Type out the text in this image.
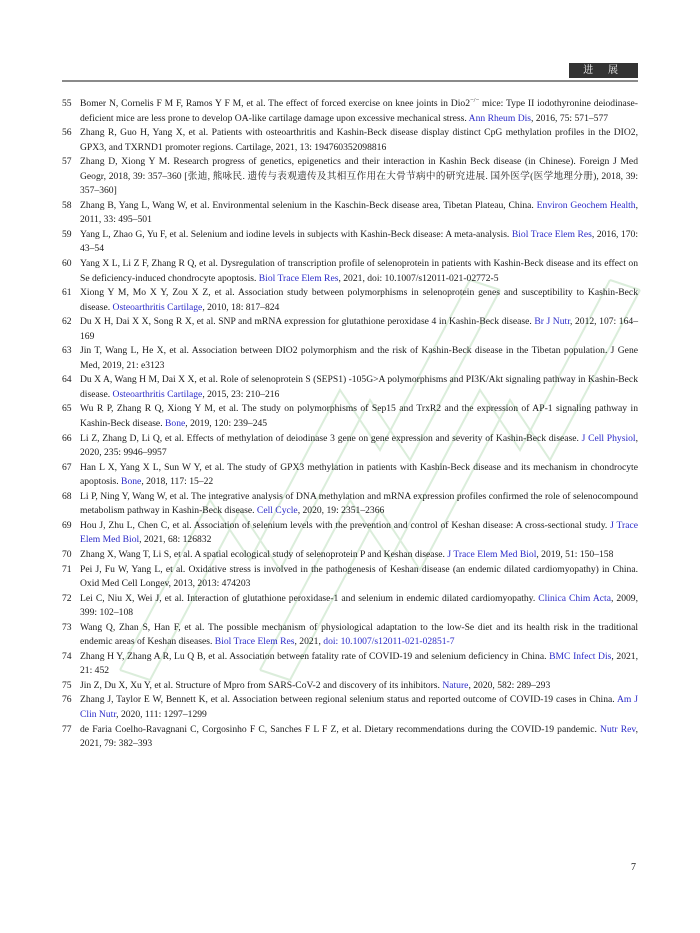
进 展
55 Bomer N, Cornelis F M F, Ramos Y F M, et al. The effect of forced exercise on knee joints in Dio2−/− mice: Type II iodothyronine deiodinase-deficient mice are less prone to develop OA-like cartilage damage upon excessive mechanical stress. Ann Rheum Dis, 2016, 75: 571–577
56 Zhang R, Guo H, Yang X, et al. Patients with osteoarthritis and Kashin-Beck disease display distinct CpG methylation profiles in the DIO2, GPX3, and TXRND1 promoter regions. Cartilage, 2021, 13: 194760352098816
57 Zhang D, Xiong Y M. Research progress of genetics, epigenetics and their interaction in Kashin Beck disease (in Chinese). Foreign J Med Geogr, 2018, 39: 357–360 [张迪, 熊咏民. 遗传与表观遗传及其相互作用在大骨节病中的研究进展. 国外医学(医学地理分册), 2018, 39: 357–360]
58 Zhang B, Yang L, Wang W, et al. Environmental selenium in the Kaschin-Beck disease area, Tibetan Plateau, China. Environ Geochem Health, 2011, 33: 495–501
59 Yang L, Zhao G, Yu F, et al. Selenium and iodine levels in subjects with Kashin-Beck disease: A meta-analysis. Biol Trace Elem Res, 2016, 170: 43–54
60 Yang X L, Li Z F, Zhang R Q, et al. Dysregulation of transcription profile of selenoprotein in patients with Kashin-Beck disease and its effect on Se deficiency-induced chondrocyte apoptosis. Biol Trace Elem Res, 2021, doi: 10.1007/s12011-021-02772-5
61 Xiong Y M, Mo X Y, Zou X Z, et al. Association study between polymorphisms in selenoprotein genes and susceptibility to Kashin-Beck disease. Osteoarthritis Cartilage, 2010, 18: 817–824
62 Du X H, Dai X X, Song R X, et al. SNP and mRNA expression for glutathione peroxidase 4 in Kashin-Beck disease. Br J Nutr, 2012, 107: 164–169
63 Jin T, Wang L, He X, et al. Association between DIO2 polymorphism and the risk of Kashin-Beck disease in the Tibetan population. J Gene Med, 2019, 21: e3123
64 Du X A, Wang H M, Dai X X, et al. Role of selenoprotein S (SEPS1) -105G>A polymorphisms and PI3K/Akt signaling pathway in Kashin-Beck disease. Osteoarthritis Cartilage, 2015, 23: 210–216
65 Wu R P, Zhang R Q, Xiong Y M, et al. The study on polymorphisms of Sep15 and TrxR2 and the expression of AP-1 signaling pathway in Kashin-Beck disease. Bone, 2019, 120: 239–245
66 Li Z, Zhang D, Li Q, et al. Effects of methylation of deiodinase 3 gene on gene expression and severity of Kashin-Beck disease. J Cell Physiol, 2020, 235: 9946–9957
67 Han L X, Yang X L, Sun W Y, et al. The study of GPX3 methylation in patients with Kashin-Beck disease and its mechanism in chondrocyte apoptosis. Bone, 2018, 117: 15–22
68 Li P, Ning Y, Wang W, et al. The integrative analysis of DNA methylation and mRNA expression profiles confirmed the role of selenocompound metabolism pathway in Kashin-Beck disease. Cell Cycle, 2020, 19: 2351–2366
69 Hou J, Zhu L, Chen C, et al. Association of selenium levels with the prevention and control of Keshan disease: A cross-sectional study. J Trace Elem Med Biol, 2021, 68: 126832
70 Zhang X, Wang T, Li S, et al. A spatial ecological study of selenoprotein P and Keshan disease. J Trace Elem Med Biol, 2019, 51: 150–158
71 Pei J, Fu W, Yang L, et al. Oxidative stress is involved in the pathogenesis of Keshan disease (an endemic dilated cardiomyopathy) in China. Oxid Med Cell Longev, 2013, 2013: 474203
72 Lei C, Niu X, Wei J, et al. Interaction of glutathione peroxidase-1 and selenium in endemic dilated cardiomyopathy. Clinica Chim Acta, 2009, 399: 102–108
73 Wang Q, Zhan S, Han F, et al. The possible mechanism of physiological adaptation to the low-Se diet and its health risk in the traditional endemic areas of Keshan diseases. Biol Trace Elem Res, 2021, doi: 10.1007/s12011-021-02851-7
74 Zhang H Y, Zhang A R, Lu Q B, et al. Association between fatality rate of COVID-19 and selenium deficiency in China. BMC Infect Dis, 2021, 21: 452
75 Jin Z, Du X, Xu Y, et al. Structure of Mpro from SARS-CoV-2 and discovery of its inhibitors. Nature, 2020, 582: 289–293
76 Zhang J, Taylor E W, Bennett K, et al. Association between regional selenium status and reported outcome of COVID-19 cases in China. Am J Clin Nutr, 2020, 111: 1297–1299
77 de Faria Coelho-Ravagnani C, Corgosinho F C, Sanches F L F Z, et al. Dietary recommendations during the COVID-19 pandemic. Nutr Rev, 2021, 79: 382–393
7
